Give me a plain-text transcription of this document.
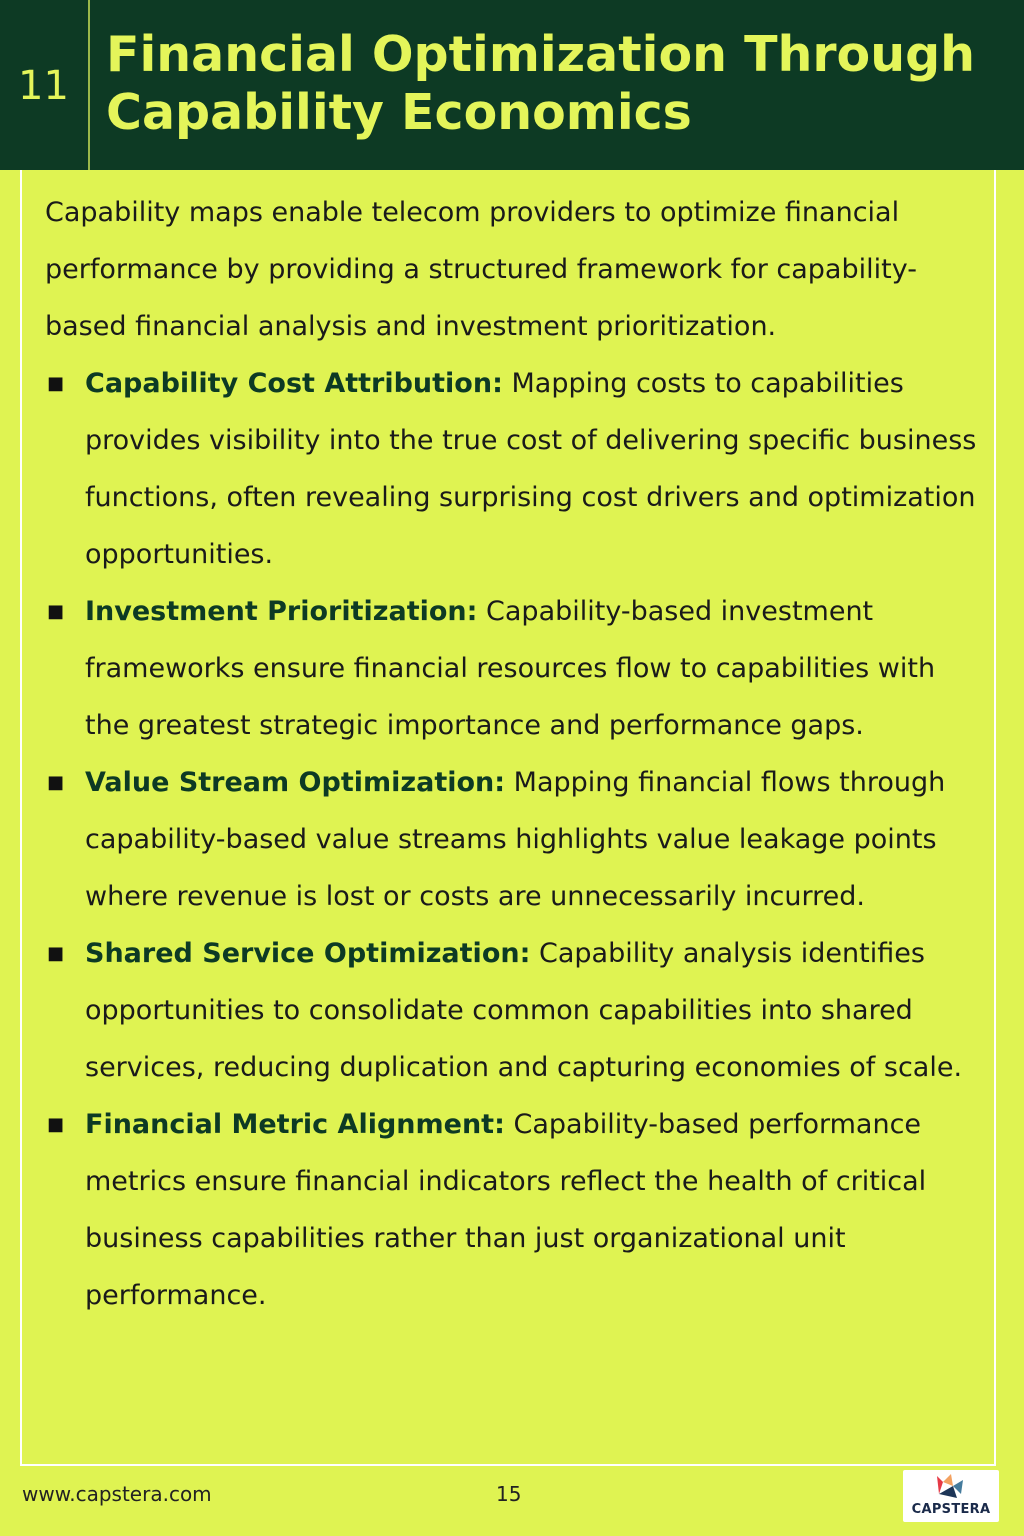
11
Financial Optimization Through
Capability Economics

Capability maps enable telecom providers to optimize financial performance by providing a structured framework for capability-based financial analysis and investment prioritization.

■ Capability Cost Attribution: Mapping costs to capabilities provides visibility into the true cost of delivering specific business functions, often revealing surprising cost drivers and optimization opportunities.
■ Investment Prioritization: Capability-based investment frameworks ensure financial resources flow to capabilities with the greatest strategic importance and performance gaps.
■ Value Stream Optimization: Mapping financial flows through capability-based value streams highlights value leakage points where revenue is lost or costs are unnecessarily incurred.
■ Shared Service Optimization: Capability analysis identifies opportunities to consolidate common capabilities into shared services, reducing duplication and capturing economies of scale.
■ Financial Metric Alignment: Capability-based performance metrics ensure financial indicators reflect the health of critical business capabilities rather than just organizational unit performance.
www.capstera.com	15
CAPSTERA
